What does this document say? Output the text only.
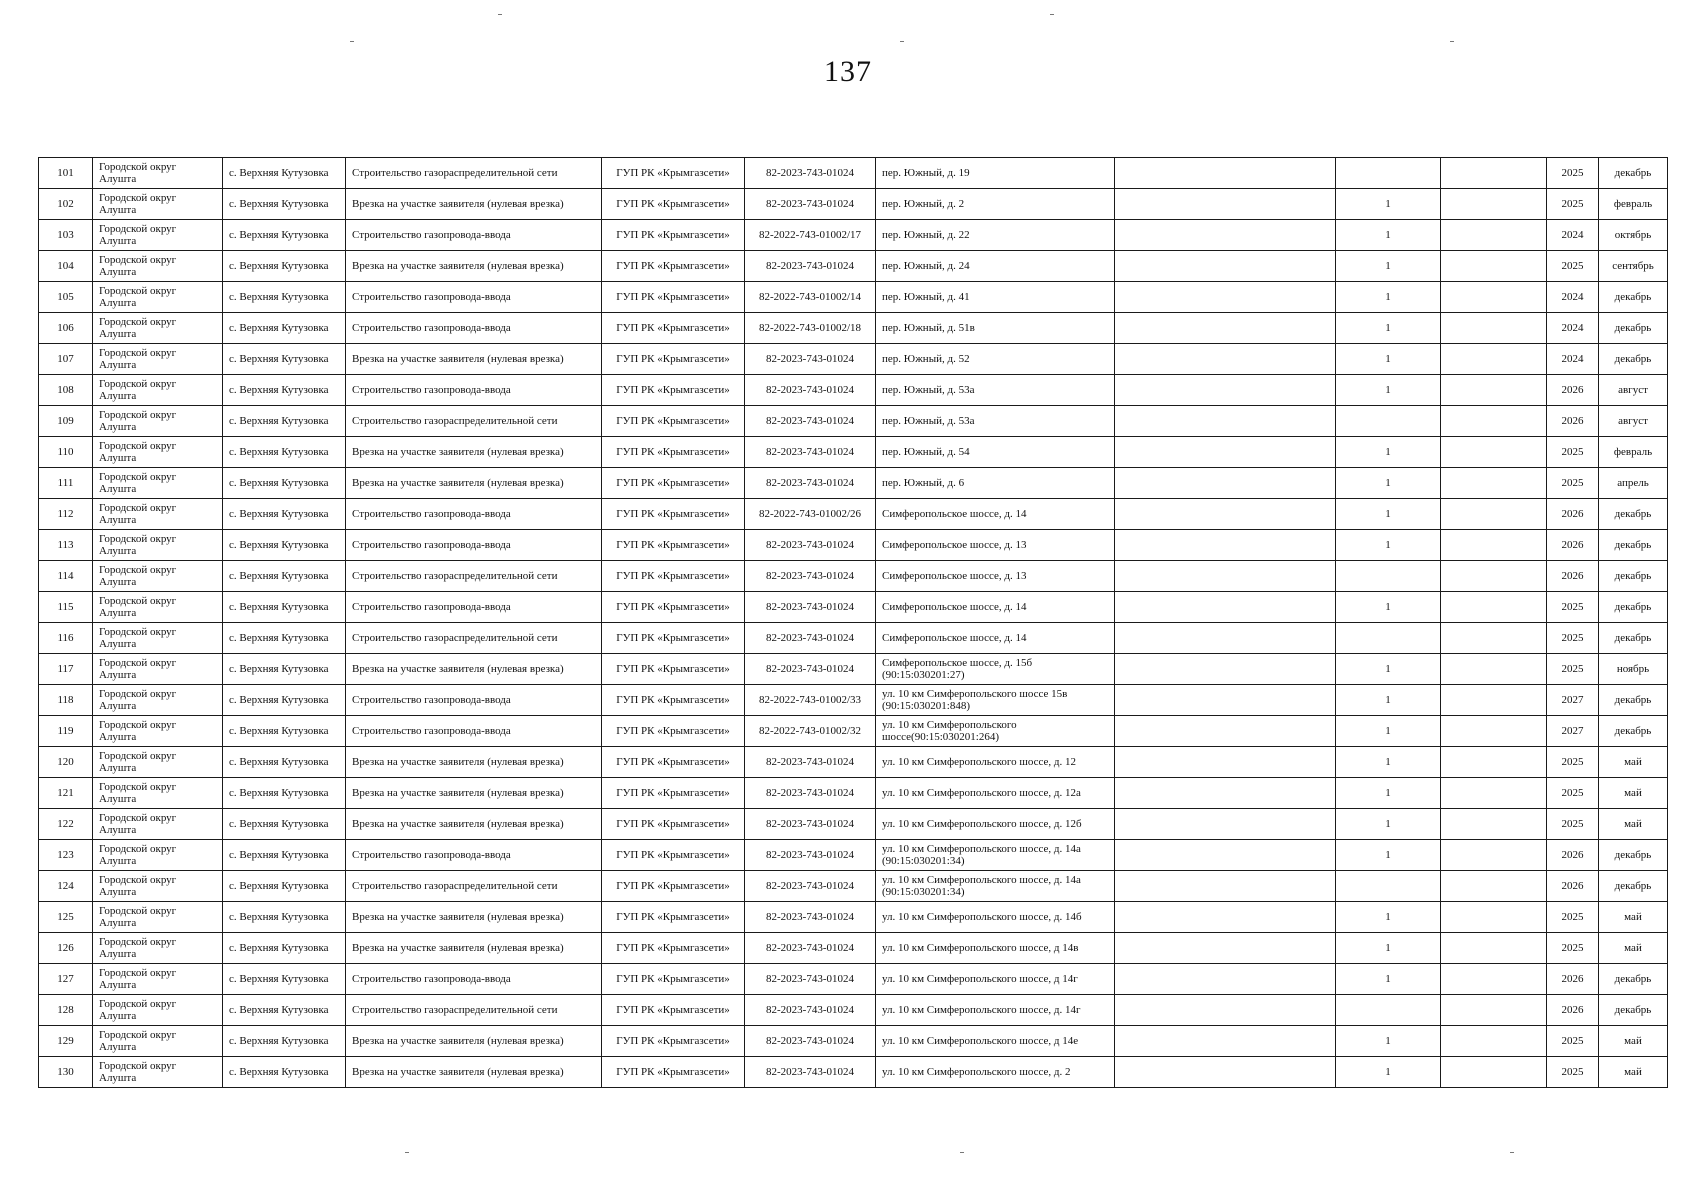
137
101	Городской округ Алушта	с. Верхняя Кутузовка	Строительство газораспределительной сети	ГУП РК «Крымгазсети»	82-2023-743-01024	пер. Южный, д. 19				2025	декабрь
102	Городской округ Алушта	с. Верхняя Кутузовка	Врезка на участке заявителя (нулевая врезка)	ГУП РК «Крымгазсети»	82-2023-743-01024	пер. Южный, д. 2		1		2025	февраль
103	Городской округ Алушта	с. Верхняя Кутузовка	Строительство газопровода-ввода	ГУП РК «Крымгазсети»	82-2022-743-01002/17	пер. Южный, д. 22		1		2024	октябрь
104	Городской округ Алушта	с. Верхняя Кутузовка	Врезка на участке заявителя (нулевая врезка)	ГУП РК «Крымгазсети»	82-2023-743-01024	пер. Южный, д. 24		1		2025	сентябрь
105	Городской округ Алушта	с. Верхняя Кутузовка	Строительство газопровода-ввода	ГУП РК «Крымгазсети»	82-2022-743-01002/14	пер. Южный, д. 41		1		2024	декабрь
106	Городской округ Алушта	с. Верхняя Кутузовка	Строительство газопровода-ввода	ГУП РК «Крымгазсети»	82-2022-743-01002/18	пер. Южный, д. 51в		1		2024	декабрь
107	Городской округ Алушта	с. Верхняя Кутузовка	Врезка на участке заявителя (нулевая врезка)	ГУП РК «Крымгазсети»	82-2023-743-01024	пер. Южный, д. 52		1		2024	декабрь
108	Городской округ Алушта	с. Верхняя Кутузовка	Строительство газопровода-ввода	ГУП РК «Крымгазсети»	82-2023-743-01024	пер. Южный, д. 53а		1		2026	август
109	Городской округ Алушта	с. Верхняя Кутузовка	Строительство газораспределительной сети	ГУП РК «Крымгазсети»	82-2023-743-01024	пер. Южный, д. 53а				2026	август
110	Городской округ Алушта	с. Верхняя Кутузовка	Врезка на участке заявителя (нулевая врезка)	ГУП РК «Крымгазсети»	82-2023-743-01024	пер. Южный, д. 54		1		2025	февраль
111	Городской округ Алушта	с. Верхняя Кутузовка	Врезка на участке заявителя (нулевая врезка)	ГУП РК «Крымгазсети»	82-2023-743-01024	пер. Южный, д. 6		1		2025	апрель
112	Городской округ Алушта	с. Верхняя Кутузовка	Строительство газопровода-ввода	ГУП РК «Крымгазсети»	82-2022-743-01002/26	Симферопольское шоссе, д. 14		1		2026	декабрь
113	Городской округ Алушта	с. Верхняя Кутузовка	Строительство газопровода-ввода	ГУП РК «Крымгазсети»	82-2023-743-01024	Симферопольское шоссе, д. 13		1		2026	декабрь
114	Городской округ Алушта	с. Верхняя Кутузовка	Строительство газораспределительной сети	ГУП РК «Крымгазсети»	82-2023-743-01024	Симферопольское шоссе, д. 13				2026	декабрь
115	Городской округ Алушта	с. Верхняя Кутузовка	Строительство газопровода-ввода	ГУП РК «Крымгазсети»	82-2023-743-01024	Симферопольское шоссе, д. 14		1		2025	декабрь
116	Городской округ Алушта	с. Верхняя Кутузовка	Строительство газораспределительной сети	ГУП РК «Крымгазсети»	82-2023-743-01024	Симферопольское шоссе, д. 14				2025	декабрь
117	Городской округ Алушта	с. Верхняя Кутузовка	Врезка на участке заявителя (нулевая врезка)	ГУП РК «Крымгазсети»	82-2023-743-01024	Симферопольское шоссе, д. 15б (90:15:030201:27)		1		2025	ноябрь
118	Городской округ Алушта	с. Верхняя Кутузовка	Строительство газопровода-ввода	ГУП РК «Крымгазсети»	82-2022-743-01002/33	ул. 10 км Симферопольского шоссе 15в (90:15:030201:848)		1		2027	декабрь
119	Городской округ Алушта	с. Верхняя Кутузовка	Строительство газопровода-ввода	ГУП РК «Крымгазсети»	82-2022-743-01002/32	ул. 10 км Симферопольского шоссе(90:15:030201:264)		1		2027	декабрь
120	Городской округ Алушта	с. Верхняя Кутузовка	Врезка на участке заявителя (нулевая врезка)	ГУП РК «Крымгазсети»	82-2023-743-01024	ул. 10 км Симферопольского шоссе, д. 12		1		2025	май
121	Городской округ Алушта	с. Верхняя Кутузовка	Врезка на участке заявителя (нулевая врезка)	ГУП РК «Крымгазсети»	82-2023-743-01024	ул. 10 км Симферопольского шоссе, д. 12а		1		2025	май
122	Городской округ Алушта	с. Верхняя Кутузовка	Врезка на участке заявителя (нулевая врезка)	ГУП РК «Крымгазсети»	82-2023-743-01024	ул. 10 км Симферопольского шоссе, д. 12б		1		2025	май
123	Городской округ Алушта	с. Верхняя Кутузовка	Строительство газопровода-ввода	ГУП РК «Крымгазсети»	82-2023-743-01024	ул. 10 км Симферопольского шоссе, д. 14а (90:15:030201:34)		1		2026	декабрь
124	Городской округ Алушта	с. Верхняя Кутузовка	Строительство газораспределительной сети	ГУП РК «Крымгазсети»	82-2023-743-01024	ул. 10 км Симферопольского шоссе, д. 14а (90:15:030201:34)				2026	декабрь
125	Городской округ Алушта	с. Верхняя Кутузовка	Врезка на участке заявителя (нулевая врезка)	ГУП РК «Крымгазсети»	82-2023-743-01024	ул. 10 км Симферопольского шоссе, д. 14б		1		2025	май
126	Городской округ Алушта	с. Верхняя Кутузовка	Врезка на участке заявителя (нулевая врезка)	ГУП РК «Крымгазсети»	82-2023-743-01024	ул. 10 км Симферопольского шоссе, д 14в		1		2025	май
127	Городской округ Алушта	с. Верхняя Кутузовка	Строительство газопровода-ввода	ГУП РК «Крымгазсети»	82-2023-743-01024	ул. 10 км Симферопольского шоссе, д 14г		1		2026	декабрь
128	Городской округ Алушта	с. Верхняя Кутузовка	Строительство газораспределительной сети	ГУП РК «Крымгазсети»	82-2023-743-01024	ул. 10 км Симферопольского шоссе, д. 14г				2026	декабрь
129	Городской округ Алушта	с. Верхняя Кутузовка	Врезка на участке заявителя (нулевая врезка)	ГУП РК «Крымгазсети»	82-2023-743-01024	ул. 10 км Симферопольского шоссе, д 14е		1		2025	май
130	Городской округ Алушта	с. Верхняя Кутузовка	Врезка на участке заявителя (нулевая врезка)	ГУП РК «Крымгазсети»	82-2023-743-01024	ул. 10 км Симферопольского шоссе, д. 2		1		2025	май
